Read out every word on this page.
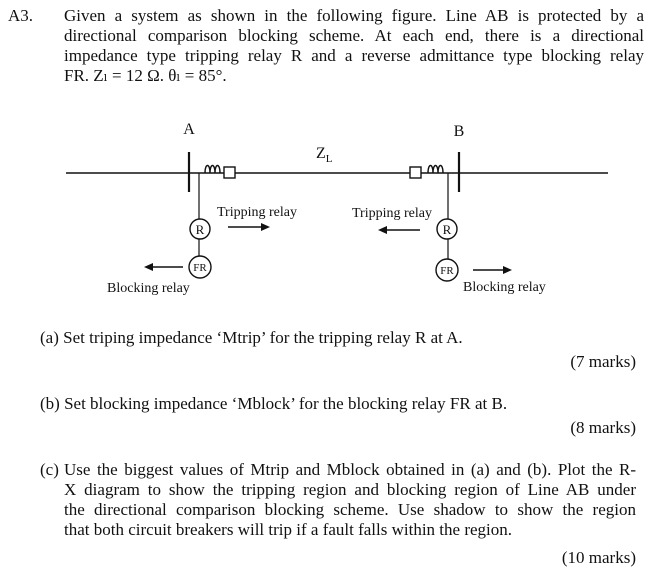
A3. Given a system as shown in the following figure. Line AB is protected by a
directional comparison blocking scheme. At each end, there is a directional
impedance type tripping relay R and a reverse admittance type blocking relay
FR. Zₗ = 12 Ω. θₗ = 85°.
A	B
$Z_L$
R
FR
R
FR
Tripping relay	Tripping relay
Blocking relay	Blocking relay
(a) Set triping impedance ‘Mtrip’ for the tripping relay R at A.
(7 marks)
(b) Set blocking impedance ‘Mblock’ for the blocking relay FR at B.
(8 marks)
(c) Use the biggest values of Mtrip and Mblock obtained in (a) and (b). Plot the R-
X diagram to show the tripping region and blocking region of Line AB under
the directional comparison blocking scheme. Use shadow to show the region
that both circuit breakers will trip if a fault falls within the region.
(10 marks)
